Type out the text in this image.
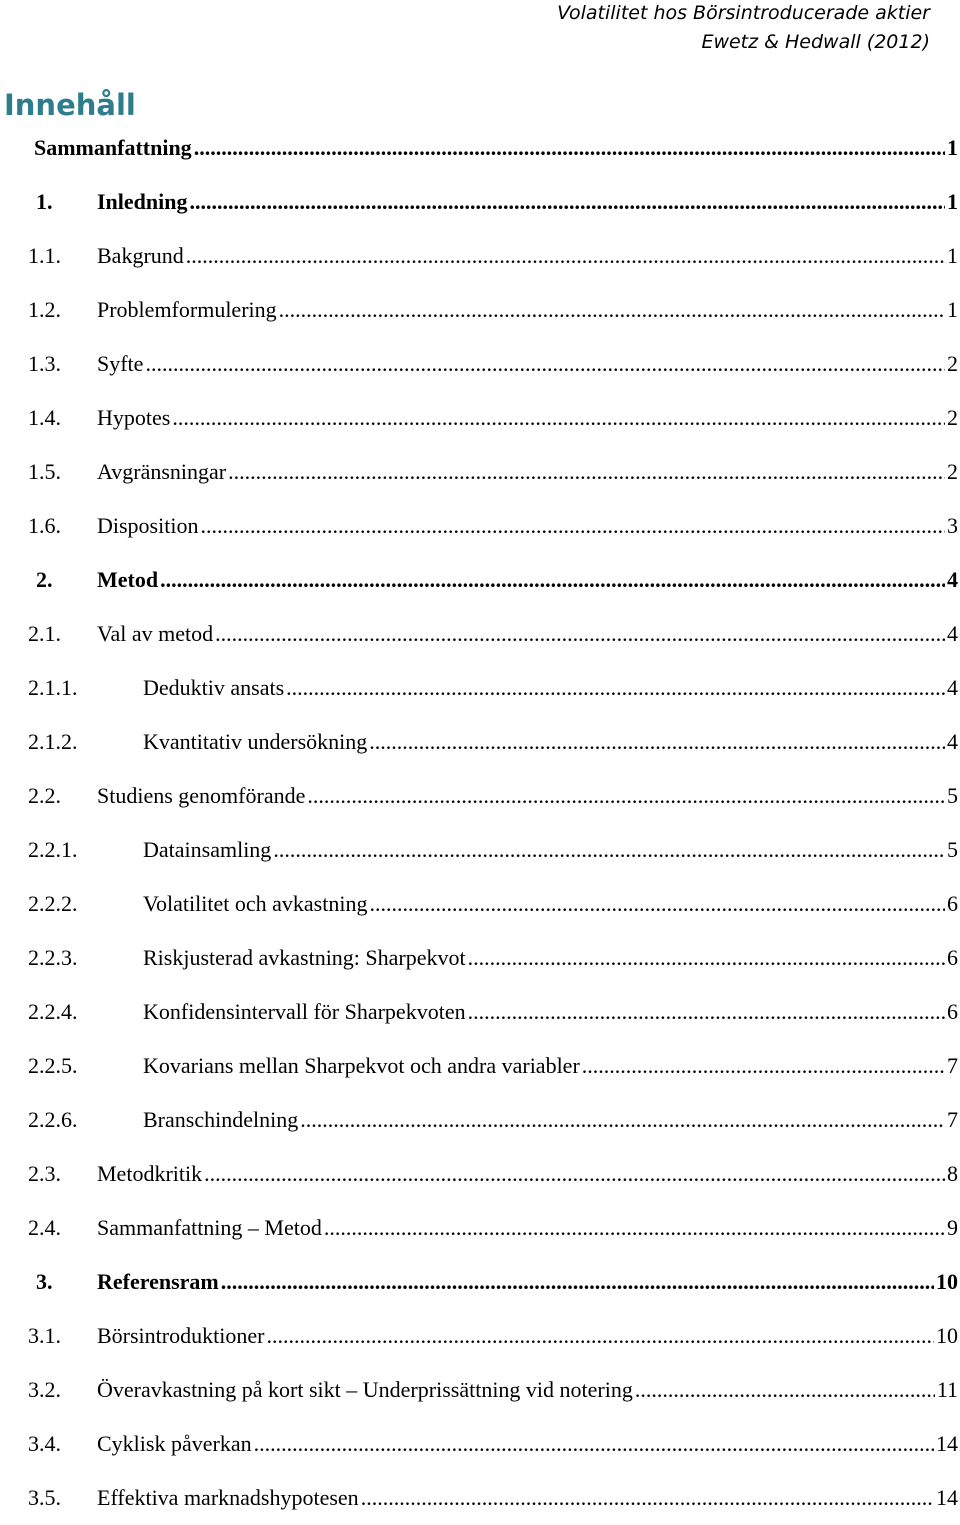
Volatilitet hos Börsintroducerade aktier
Ewetz & Hedwall (2012)
Innehåll
Sammanfattning .....	1
1. Inledning .....	1
1.1. Bakgrund .....	1
1.2. Problemformulering .....	1
1.3. Syfte .....	2
1.4. Hypotes .....	2
1.5. Avgränsningar .....	2
1.6. Disposition .....	3
2. Metod .....	4
2.1. Val av metod .....	4
2.1.1.	Deduktiv ansats .....	4
2.1.2.	Kvantitativ undersökning .....	4
2.2. Studiens genomförande .....	5
2.2.1.	Datainsamling .....	5
2.2.2.	Volatilitet och avkastning .....	6
2.2.3.	Riskjusterad avkastning: Sharpekvot .....	6
2.2.4.	Konfidensintervall för Sharpekvoten .....	6
2.2.5.	Kovarians mellan Sharpekvot och andra variabler .....	7
2.2.6.	Branschindelning .....	7
2.3. Metodkritik .....	8
2.4. Sammanfattning – Metod .....	9
3. Referensram .....	10
3.1. Börsintroduktioner .....	10
3.2. Överavkastning på kort sikt – Underprissättning vid notering .....	11
3.4. Cyklisk påverkan .....	14
3.5. Effektiva marknadshypotesen .....	14
